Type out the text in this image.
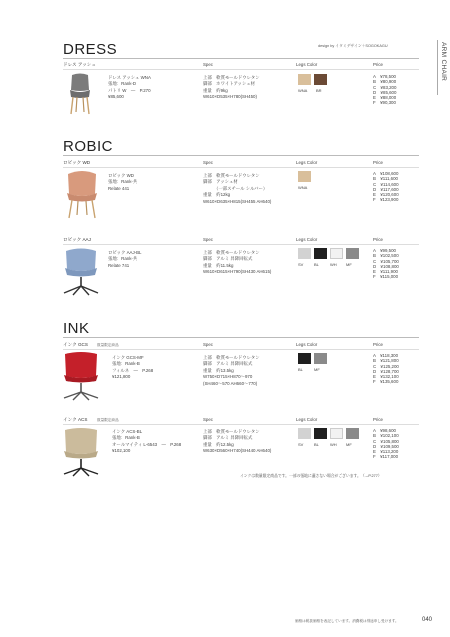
ARM CHAIR
DRESS	design by イタミデザイン＋SOGOKAGU
ドレス アッシュ	Spec	Legs Color	Price
ドレス アッシュ WNA
張地：Rank-D
パトリ W　―　P.270
¥85,600
上部　軟質モールドウレタン
脚部　ホワイトアッシュ材
重量　約9kg
W610×D535×H780(SH450)
WNA BR
A　¥78,500
B　¥80,900
C　¥83,200
D　¥85,600
E　¥88,000
F　¥90,300
ROBIC
ロビック WD	Spec	Legs Color	Price
ロビック WD
張地：Rank-共
Relate 441
上部　軟質モールドウレタン
脚部　アッシュ材
　　　（一部スチール シルバー）
重量　約12kg
W610×D635×H815(SH455 AH640)
WNA
A　¥108,600
B　¥111,600
C　¥114,600
D　¥117,600
E　¥120,600
F　¥123,900
ロビック AAJ	Spec	Legs Color	Price
ロビック AAJ-BL
張地：Rank-共
Relate 741
上部　軟質モールドウレタン
脚部　アルミ 昇降回転式
重量　約11.5kg
W610×D615×H790(SH430 AH615)
SV	BL	WH MF
A　¥99,500
B　¥102,500
C　¥105,700
D　¥108,800
E　¥111,900
F　¥115,000
INK
インク GCS	数量限定商品	Spec	Legs Color	Price
インク GCS-MF
張地：Rank-B
フィルネ　―　P.268
¥121,800
上部　軟質モールドウレタン
脚部　アルミ 昇降回転式
重量　約13.5kg
W750×D715×H870～970
(SH460～570 AH660～770)
BL	MF
A　¥118,300
B　¥121,800
C　¥125,200
D　¥128,700
E　¥132,100
F　¥135,600
インク ACS	数量限定商品	Spec	Legs Color	Price
インク ACS-BL
張地：Rank-B
オールマイティ L-6543　―　P.268
¥102,100
上部　軟質モールドウレタン
脚部　アルミ 昇降回転式
重量　約12.5kg
W630×D560×H740(SH440 AH640)
SV	BL	WH MF
A　¥98,600
B　¥102,100
C　¥105,800
D　¥109,500
E　¥113,200
F　¥117,000
インクは数量限定商品です。一部の張地に適さない場合がございます。（→P.277）
価格は税抜価格を表記しています。消費税は別途申し受けます。	040
